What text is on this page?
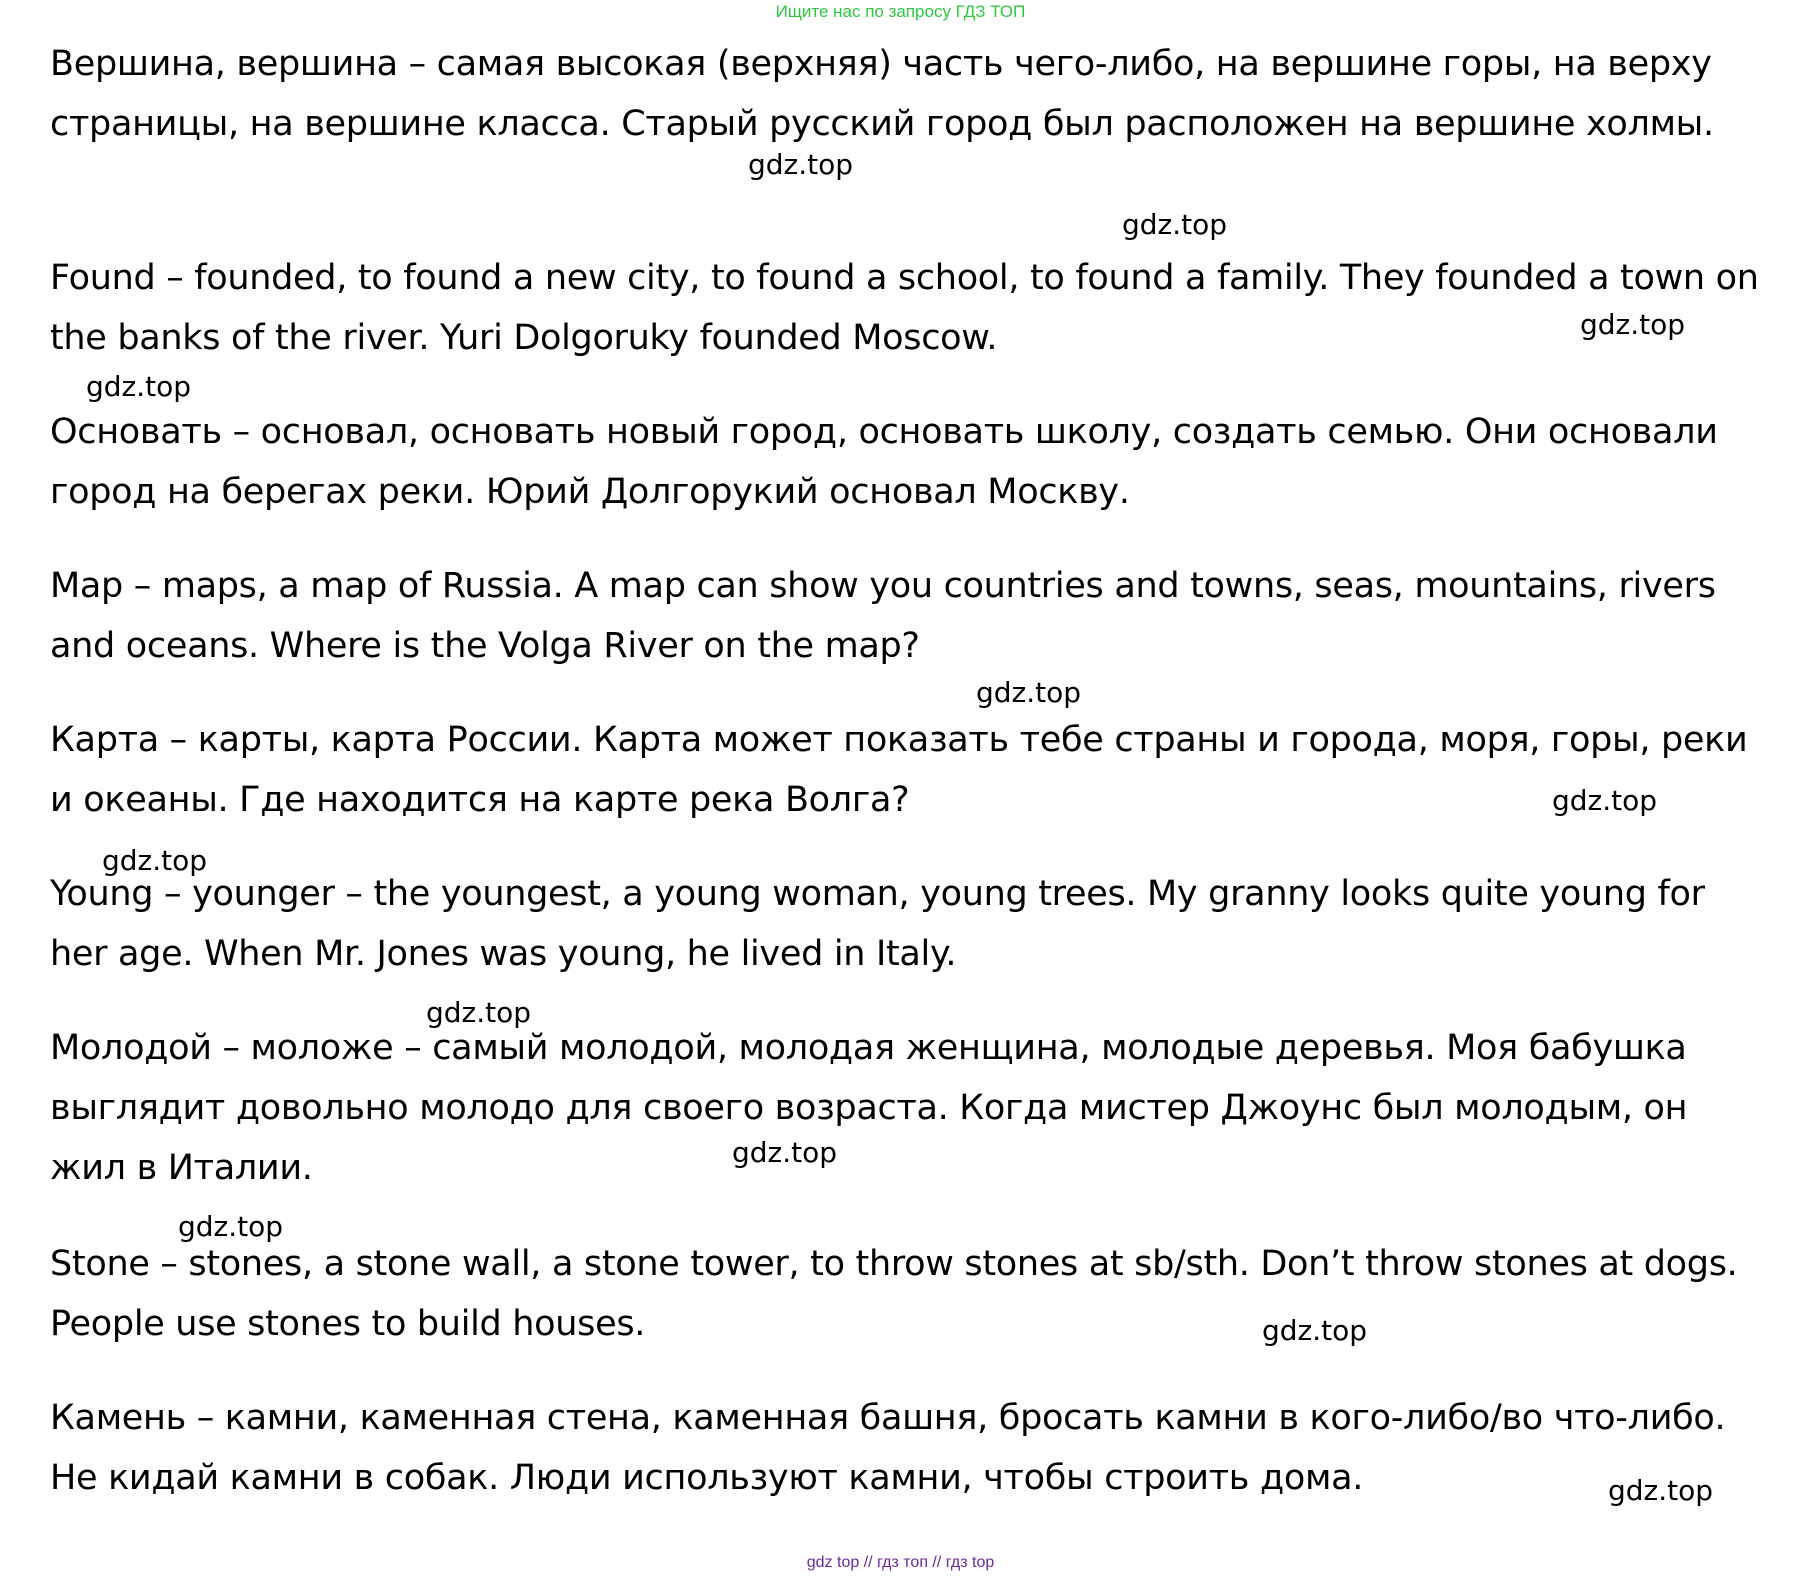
Ищите нас по запросу ГДЗ ТОП

Вершина, вершина – самая высокая (верхняя) часть чего-либо, на вершине горы, на верху страницы, на вершине класса. Старый русский город был расположен на вершине холмы.

Found – founded, to found a new city, to found a school, to found a family. They founded a town on the banks of the river. Yuri Dolgoruky founded Moscow.

Основать – основал, основать новый город, основать школу, создать семью. Они основали город на берегах реки. Юрий Долгорукий основал Москву.

Map – maps, a map of Russia. A map can show you countries and towns, seas, mountains, rivers and oceans. Where is the Volga River on the map?

Карта – карты, карта России. Карта может показать тебе страны и города, моря, горы, реки и океаны. Где находится на карте река Волга?

Young – younger – the youngest, a young woman, young trees. My granny looks quite young for her age. When Mr. Jones was young, he lived in Italy.

Молодой – моложе – самый молодой, молодая женщина, молодые деревья. Моя бабушка выглядит довольно молодо для своего возраста. Когда мистер Джоунс был молодым, он жил в Италии.

Stone – stones, a stone wall, a stone tower, to throw stones at sb/sth. Don’t throw stones at dogs. People use stones to build houses.

Камень – камни, каменная стена, каменная башня, бросать камни в кого-либо/во что-либо. Не кидай камни в собак. Люди используют камни, чтобы строить дома.

gdz.top
gdz.top
gdz.top
gdz.top
gdz.top
gdz.top
gdz.top
gdz.top
gdz.top
gdz.top
gdz.top
gdz.top
gdz top // гдз топ // гдз top
